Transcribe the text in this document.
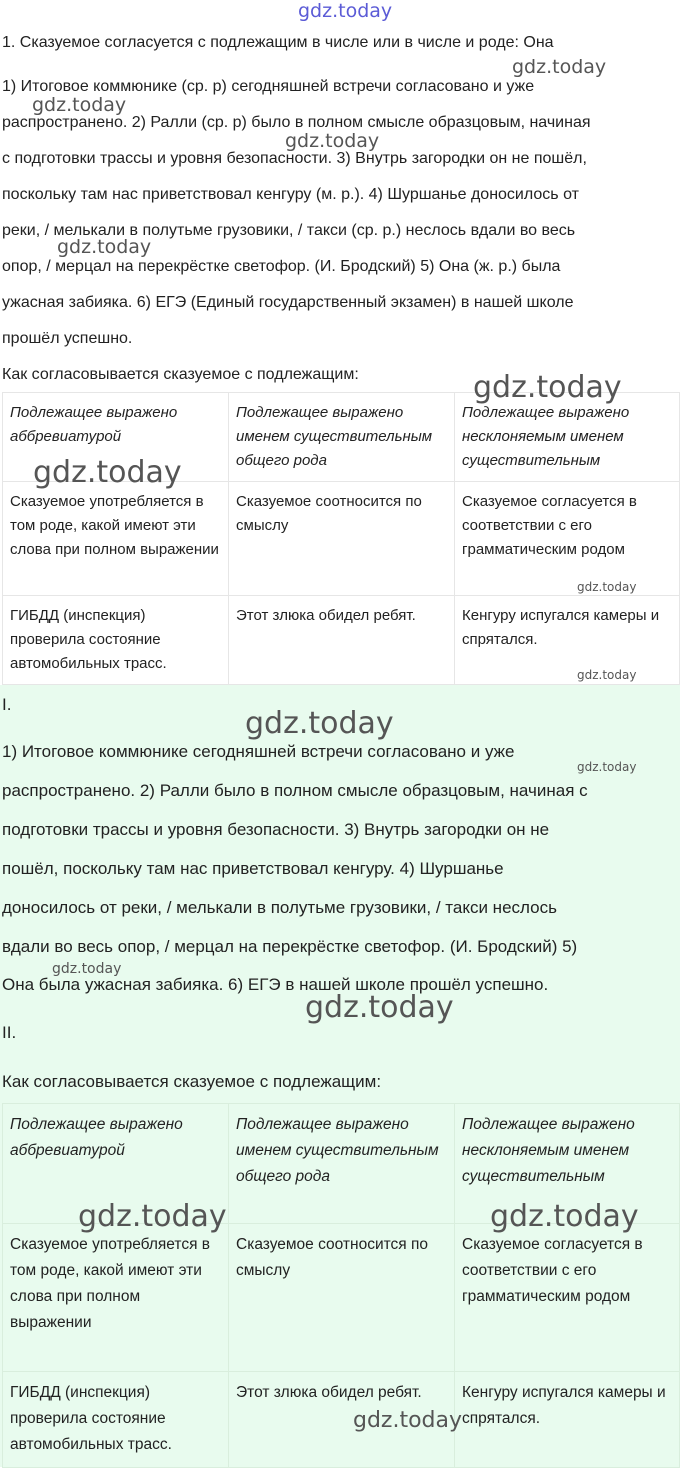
1. Сказуемое согласуется с подлежащим в числе или в числе и роде: Она
1) Итоговое коммюнике (ср. р) сегодняшней встречи согласовано и уже
распространено. 2) Ралли (ср. р) было в полном смысле образцовым, начиная
с подготовки трассы и уровня безопасности. 3) Внутрь загородки он не пошёл,
поскольку там нас приветствовал кенгуру (м. р.). 4) Шуршанье доносилось от
реки, / мелькали в полутьме грузовики, / такси (ср. р.) неслось вдали во весь
опор, / мерцал на перекрёстке светофор. (И. Бродский) 5) Она (ж. р.) была
ужасная забияка. 6) ЕГЭ (Единый государственный экзамен) в нашей школе
прошёл успешно.
Как согласовывается сказуемое с подлежащим:
Подлежащее выражено аббревиатурой	Подлежащее выражено именем существительным общего рода	Подлежащее выражено несклоняемым именем существительным
Сказуемое употребляется в том роде, какой имеют эти слова при полном выражении	Сказуемое соотносится по смыслу	Сказуемое согласуется в соответствии с его грамматическим родом
ГИБДД (инспекция) проверила состояние автомобильных трасс.	Этот злюка обидел ребят.	Кенгуру испугался камеры и спрятался.
I.
1) Итоговое коммюнике сегодняшней встречи согласовано и уже
распространено. 2) Ралли было в полном смысле образцовым, начиная с
подготовки трассы и уровня безопасности. 3) Внутрь загородки он не
пошёл, поскольку там нас приветствовал кенгуру. 4) Шуршанье
доносилось от реки, / мелькали в полутьме грузовики, / такси неслось
вдали во весь опор, / мерцал на перекрёстке светофор. (И. Бродский) 5)
Она была ужасная забияка. 6) ЕГЭ в нашей школе прошёл успешно.
II.
Как согласовывается сказуемое с подлежащим:
Подлежащее выражено аббревиатурой	Подлежащее выражено именем существительным общего рода	Подлежащее выражено несклоняемым именем существительным
Сказуемое употребляется в том роде, какой имеют эти слова при полном выражении	Сказуемое соотносится по смыслу	Сказуемое согласуется в соответствии с его грамматическим родом
ГИБДД (инспекция) проверила состояние автомобильных трасс.	Этот злюка обидел ребят.	Кенгуру испугался камеры и спрятался.
gdz.today
gdz.today
gdz.today
gdz.today
gdz.today
gdz.today
gdz.today
gdz.today
gdz.today
gdz.today
gdz.today
gdz.today
gdz.today
gdz.today	gdz.today
gdz.today
